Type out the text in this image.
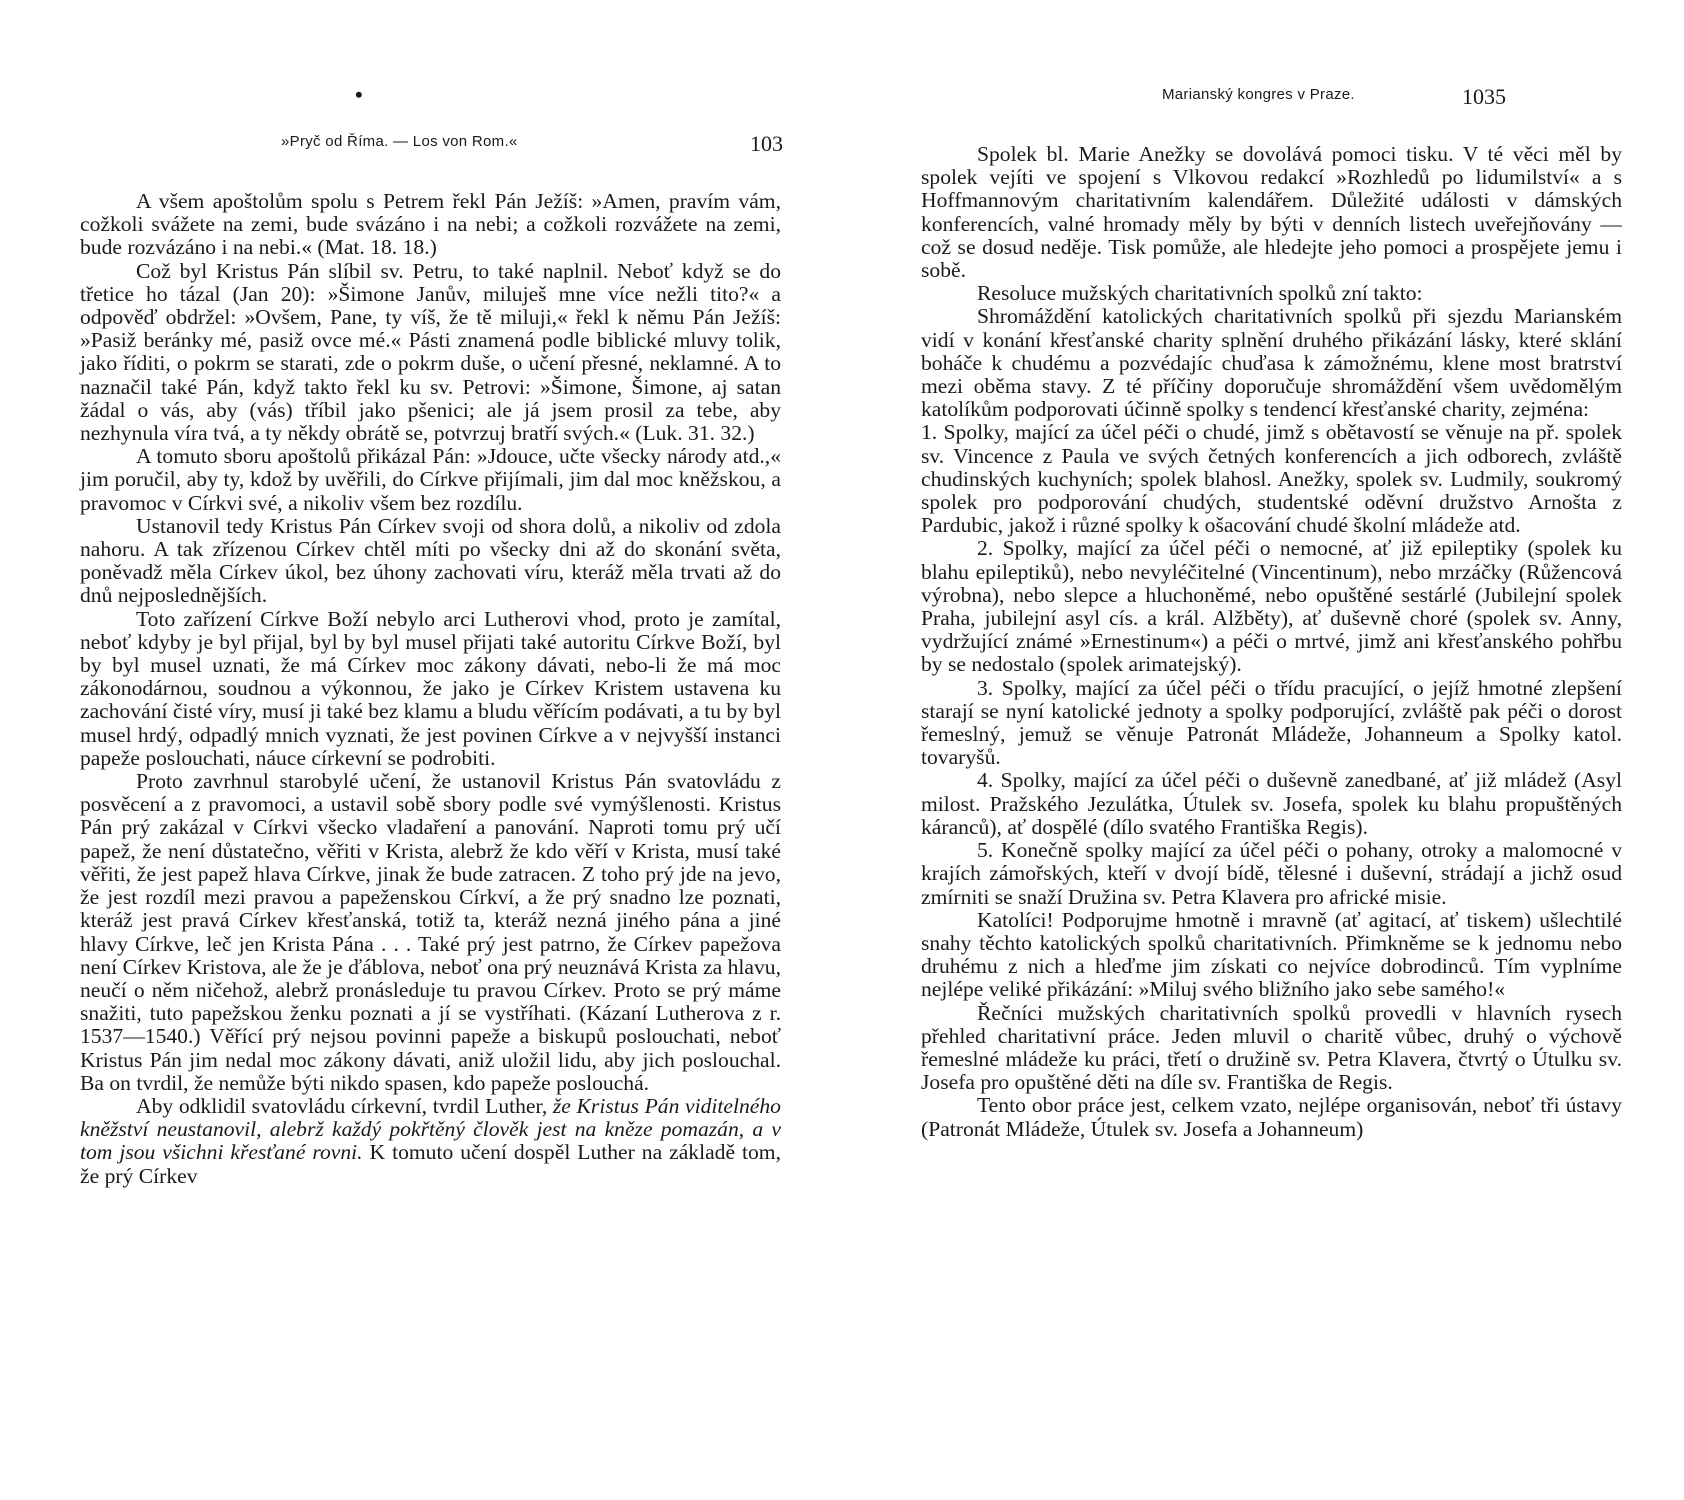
•
»Pryč od Říma. — Los von Rom.«	103

A všem apoštolům spolu s Petrem řekl Pán Ježíš: »Amen, pravím vám, cožkoli svážete na zemi, bude svázáno i na nebi; a cožkoli rozvážete na zemi, bude rozvázáno i na nebi.« (Mat. 18. 18.)

Což byl Kristus Pán slíbil sv. Petru, to také naplnil. Neboť když se do třetice ho tázal (Jan 20): »Šimone Janův, miluješ mne více nežli tito?« a odpověď obdržel: »Ovšem, Pane, ty víš, že tě miluji,« řekl k němu Pán Ježíš: »Pasiž beránky mé, pasiž ovce mé.« Pásti znamená podle biblické mluvy tolik, jako říditi, o pokrm se starati, zde o pokrm duše, o učení přesné, neklamné. A to naznačil také Pán, když takto řekl ku sv. Petrovi: »Šimone, Šimone, aj satan žádal o vás, aby (vás) tříbil jako pšenici; ale já jsem prosil za tebe, aby nezhynula víra tvá, a ty někdy obrátě se, potvrzuj bratří svých.« (Luk. 31. 32.)

A tomuto sboru apoštolů přikázal Pán: »Jdouce, učte všecky národy atd.,« jim poručil, aby ty, kdož by uvěřili, do Církve přijímali, jim dal moc kněžskou, a pravomoc v Církvi své, a nikoliv všem bez rozdílu.

Ustanovil tedy Kristus Pán Církev svoji od shora dolů, a nikoliv od zdola nahoru. A tak zřízenou Církev chtěl míti po všecky dni až do skonání světa, poněvadž měla Církev úkol, bez úhony zachovati víru, kteráž měla trvati až do dnů nejposlednějších.

Toto zařízení Církve Boží nebylo arci Lutherovi vhod, proto je zamítal, neboť kdyby je byl přijal, byl by byl musel přijati také autoritu Církve Boží, byl by byl musel uznati, že má Církev moc zákony dávati, nebo-li že má moc zákonodárnou, soudnou a výkonnou, že jako je Církev Kristem ustavena ku zachování čisté víry, musí ji také bez klamu a bludu věřícím podávati, a tu by byl musel hrdý, odpadlý mnich vyznati, že jest povinen Církve a v nejvyšší instanci papeže poslouchati, náuce církevní se podrobiti.

Proto zavrhnul starobylé učení, že ustanovil Kristus Pán svatovládu z posvěcení a z pravomoci, a ustavil sobě sbory podle své vymýšlenosti. Kristus Pán prý zakázal v Církvi všecko vladaření a panování. Naproti tomu prý učí papež, že není důstatečno, věřiti v Krista, alebrž že kdo věří v Krista, musí také věřiti, že jest papež hlava Církve, jinak že bude zatracen. Z toho prý jde na jevo, že jest rozdíl mezi pravou a papeženskou Církví, a že prý snadno lze poznati, kteráž jest pravá Církev křesťanská, totiž ta, kteráž nezná jiného pána a jiné hlavy Církve, leč jen Krista Pána . . . Také prý jest patrno, že Církev papežova není Církev Kristova, ale že je ďáblova, neboť ona prý neuznává Krista za hlavu, neučí o něm ničehož, alebrž pronásleduje tu pravou Církev. Proto se prý máme snažiti, tuto papežskou ženku poznati a jí se vystříhati. (Kázaní Lutherova z r. 1537—1540.) Věřící prý nejsou povinni papeže a biskupů poslouchati, neboť Kristus Pán jim nedal moc zákony dávati, aniž uložil lidu, aby jich poslouchal. Ba on tvrdil, že nemůže býti nikdo spasen, kdo papeže poslouchá.

Aby odklidil svatovládu církevní, tvrdil Luther, že Kristus Pán viditelného kněžství neustanovil, alebrž každý pokřtěný člověk jest na kněze pomazán, a v tom jsou všichni křesťané rovni. K tomuto učení dospěl Luther na základě tom, že prý Církev

Marianský kongres v Praze.	1035

Spolek bl. Marie Anežky se dovolává pomoci tisku. V té věci měl by spolek vejíti ve spojení s Vlkovou redakcí »Rozhledů po lidumilství« a s Hoffmannovým charitativním kalendářem. Důležité události v dámských konferencích, valné hromady měly by býti v denních listech uveřejňovány — což se dosud neděje. Tisk pomůže, ale hledejte jeho pomoci a prospějete jemu i sobě.

Resoluce mužských charitativních spolků zní takto:

Shromáždění katolických charitativních spolků při sjezdu Marianském vidí v konání křesťanské charity splnění druhého přikázání lásky, které sklání boháče k chudému a pozvédajíc chuďasa k zámožnému, klene most bratrství mezi oběma stavy. Z té příčiny doporučuje shromáždění všem uvědomělým katolíkům podporovati účinně spolky s tendencí křesťanské charity, zejména:

1. Spolky, mající za účel péči o chudé, jimž s obětavostí se věnuje na př. spolek sv. Vincence z Paula ve svých četných konferencích a jich odborech, zvláště chudinských kuchyních; spolek blahosl. Anežky, spolek sv. Ludmily, soukromý spolek pro podporování chudých, studentské oděvní družstvo Arnošta z Pardubic, jakož i různé spolky k ošacování chudé školní mládeže atd.

2. Spolky, mající za účel péči o nemocné, ať již epileptiky (spolek ku blahu epileptiků), nebo nevyléčitelné (Vincentinum), nebo mrzáčky (Růžencová výrobna), nebo slepce a hluchoněmé, nebo opuštěné sestárlé (Jubilejní spolek Praha, jubilejní asyl cís. a král. Alžběty), ať duševně choré (spolek sv. Anny, vydržující známé »Ernestinum«) a péči o mrtvé, jimž ani křesťanského pohřbu by se nedostalo (spolek arimatejský).

3. Spolky, mající za účel péči o třídu pracující, o jejíž hmotné zlepšení starají se nyní katolické jednoty a spolky podporující, zvláště pak péči o dorost řemeslný, jemuž se věnuje Patronát Mládeže, Johanneum a Spolky katol. tovaryšů.

4. Spolky, mající za účel péči o duševně zanedbané, ať již mládež (Asyl milost. Pražského Jezulátka, Útulek sv. Josefa, spolek ku blahu propuštěných káranců), ať dospělé (dílo svatého Františka Regis).

5. Konečně spolky mající za účel péči o pohany, otroky a malomocné v krajích zámořských, kteří v dvojí bídě, tělesné i duševní, strádají a jichž osud zmírniti se snaží Družina sv. Petra Klavera pro africké misie.

Katolíci! Podporujme hmotně i mravně (ať agitací, ať tiskem) ušlechtilé snahy těchto katolických spolků charitativních. Přimkněme se k jednomu nebo druhému z nich a hleďme jim získati co nejvíce dobrodinců. Tím vyplníme nejlépe veliké přikázání: »Miluj svého bližního jako sebe samého!«

Řečníci mužských charitativních spolků provedli v hlavních rysech přehled charitativní práce. Jeden mluvil o charitě vůbec, druhý o výchově řemeslné mládeže ku práci, třetí o družině sv. Petra Klavera, čtvrtý o Útulku sv. Josefa pro opuštěné děti na díle sv. Františka de Regis.

Tento obor práce jest, celkem vzato, nejlépe organisován, neboť tři ústavy (Patronát Mládeže, Útulek sv. Josefa a Johanneum)
